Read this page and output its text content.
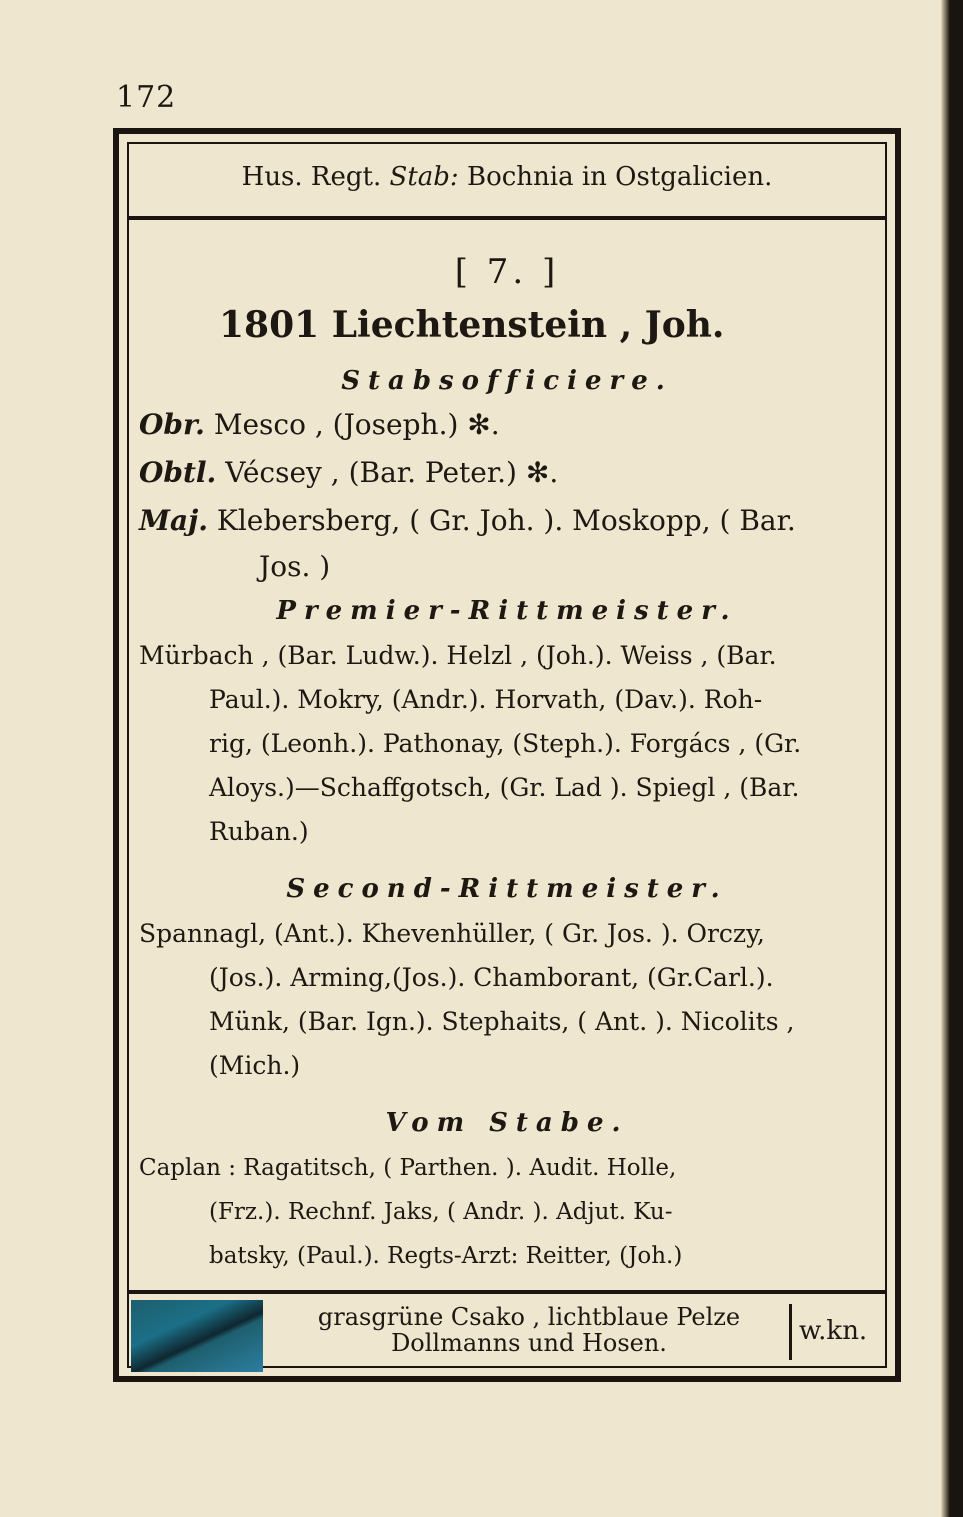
172
Hus. Regt. Stab: Bochnia in Ostgalicien.
[ 7. ]
1801 Liechtenstein , Joh.
Stabsofficiere.
Obr. Mesco , (Joseph.) ✻.
Obtl. Vécsey , (Bar. Peter.) ✻.
Maj. Klebersberg, ( Gr. Joh. ). Moskopp, ( Bar.
Jos. )
Premier-Rittmeister.
Mürbach , (Bar. Ludw.). Helzl , (Joh.). Weiss , (Bar.
Paul.). Mokry, (Andr.). Horvath, (Dav.). Roh-
rig, (Leonh.). Pathonay, (Steph.). Forgács , (Gr.
Aloys.)—Schaffgotsch, (Gr. Lad ). Spiegl , (Bar.
Ruban.)
Second-Rittmeister.
Spannagl, (Ant.). Khevenhüller, ( Gr. Jos. ). Orczy,
(Jos.). Arming,(Jos.). Chamborant, (Gr.Carl.).
Münk, (Bar. Ign.). Stephaits, ( Ant. ). Nicolits ,
(Mich.)
Vom Stabe.
Caplan : Ragatitsch, ( Parthen. ). Audit. Holle,
(Frz.). Rechnf. Jaks, ( Andr. ). Adjut. Ku-
batsky, (Paul.). Regts-Arzt: Reitter, (Joh.)
grasgrüne Csako , lichtblaue Pelze
Dollmanns und Hosen.	w.kn.
